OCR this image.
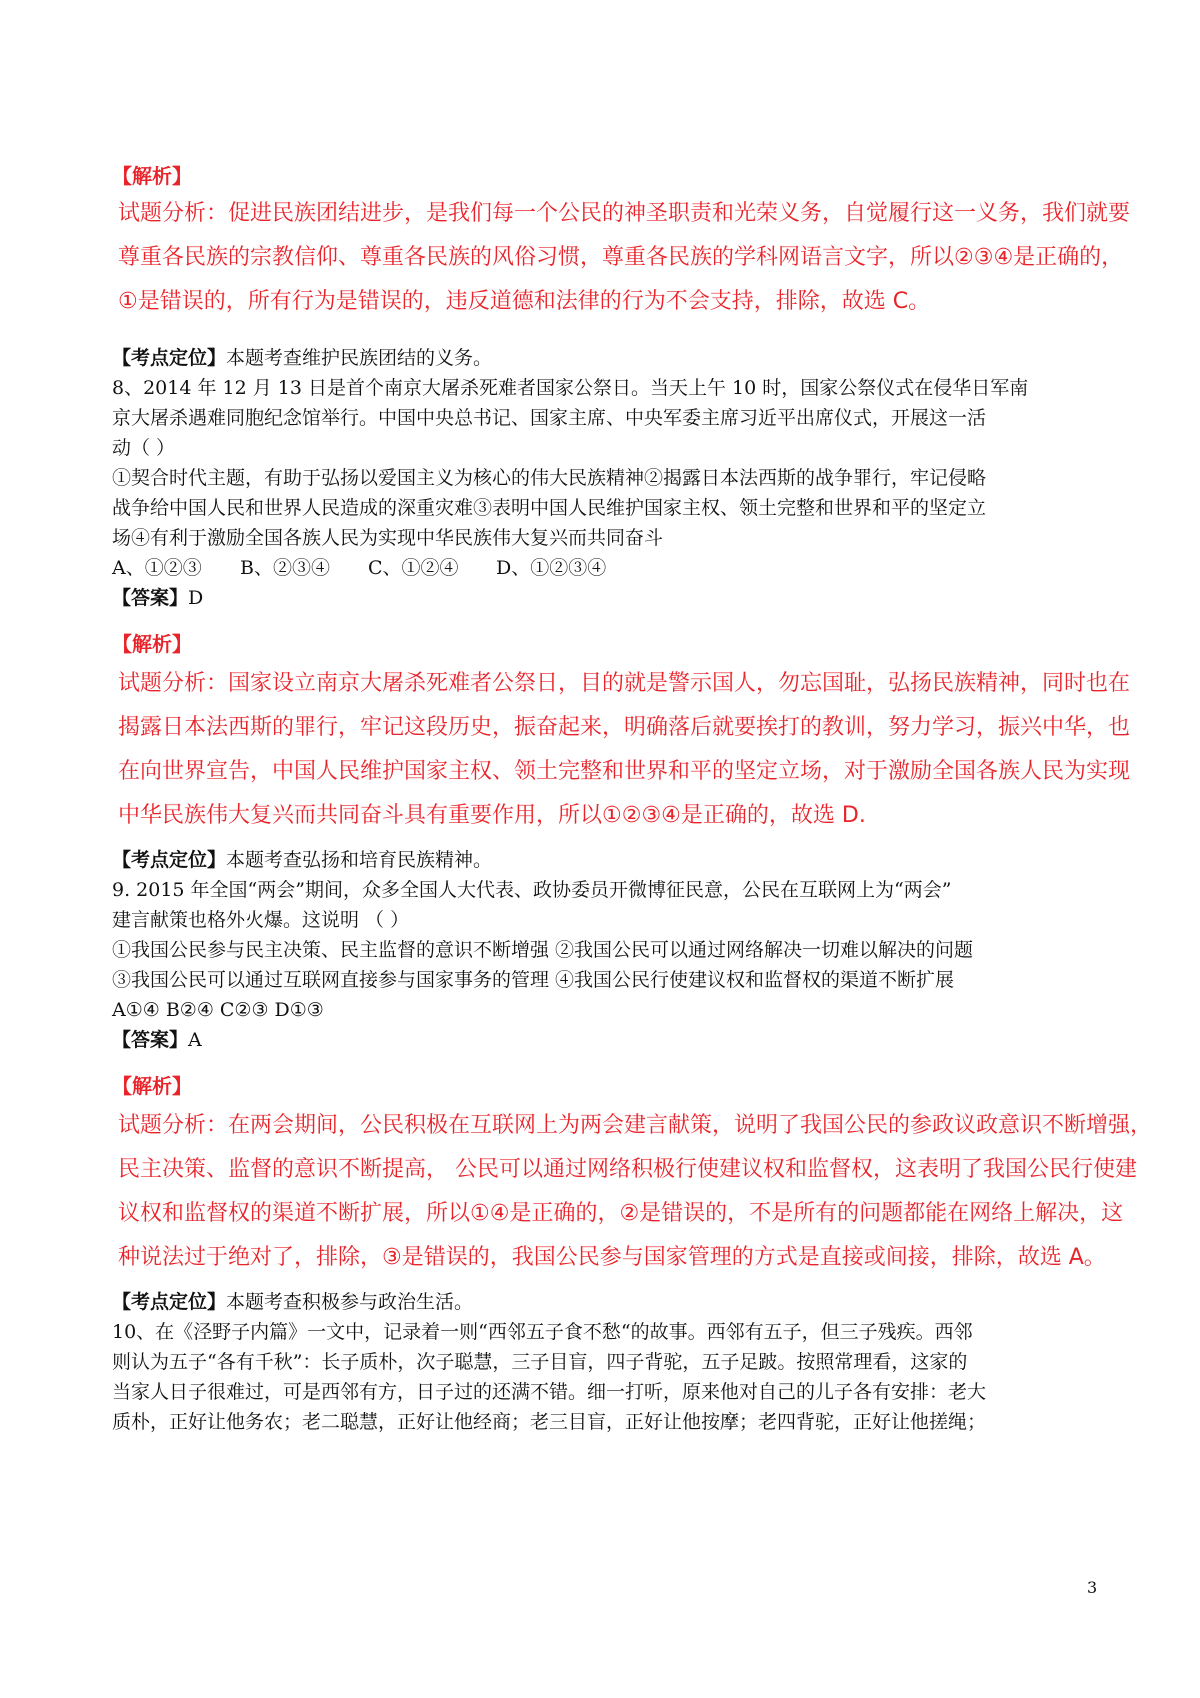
【解析】
试题分析：促进民族团结进步，是我们每一个公民的神圣职责和光荣义务，自觉履行这一义务，我们就要
尊重各民族的宗教信仰、尊重各民族的风俗习惯，尊重各民族的学科网语言文字，所以②③④是正确的，
①是错误的，所有行为是错误的，违反道德和法律的行为不会支持，排除，故选 C。
【考点定位】本题考查维护民族团结的义务。
8、2014 年 12 月 13 日是首个南京大屠杀死难者国家公祭日。当天上午 10 时，国家公祭仪式在侵华日军南
京大屠杀遇难同胞纪念馆举行。中国中央总书记、国家主席、中央军委主席习近平出席仪式，开展这一活
动（ ）
①契合时代主题，有助于弘扬以爱国主义为核心的伟大民族精神②揭露日本法西斯的战争罪行，牢记侵略
战争给中国人民和世界人民造成的深重灾难③表明中国人民维护国家主权、领土完整和世界和平的坚定立
场④有利于激励全国各族人民为实现中华民族伟大复兴而共同奋斗
A、①②③ B、②③④ C、①②④ D、①②③④
【答案】D
【解析】
试题分析：国家设立南京大屠杀死难者公祭日，目的就是警示国人，勿忘国耻，弘扬民族精神，同时也在
揭露日本法西斯的罪行，牢记这段历史，振奋起来，明确落后就要挨打的教训，努力学习，振兴中华，也
在向世界宣告，中国人民维护国家主权、领土完整和世界和平的坚定立场，对于激励全国各族人民为实现
中华民族伟大复兴而共同奋斗具有重要作用，所以①②③④是正确的，故选 D.
【考点定位】本题考查弘扬和培育民族精神。
9. 2015 年全国“两会”期间，众多全国人大代表、政协委员开微博征民意，公民在互联网上为“两会”
建言献策也格外火爆。这说明 （ ）
①我国公民参与民主决策、民主监督的意识不断增强 ②我国公民可以通过网络解决一切难以解决的问题
③我国公民可以通过互联网直接参与国家事务的管理 ④我国公民行使建议权和监督权的渠道不断扩展
A①④ B②④ C②③ D①③
【答案】A
【解析】
试题分析：在两会期间，公民积极在互联网上为两会建言献策，说明了我国公民的参政议政意识不断增强，
民主决策、监督的意识不断提高， 公民可以通过网络积极行使建议权和监督权，这表明了我国公民行使建
议权和监督权的渠道不断扩展，所以①④是正确的，②是错误的，不是所有的问题都能在网络上解决，这
种说法过于绝对了，排除，③是错误的，我国公民参与国家管理的方式是直接或间接，排除，故选 A。
【考点定位】本题考查积极参与政治生活。
10、在《泾野子内篇》一文中，记录着一则“西邻五子食不愁“的故事。西邻有五子，但三子残疾。西邻
则认为五子“各有千秋”：长子质朴，次子聪慧，三子目盲，四子背驼，五子足跛。按照常理看，这家的
当家人日子很难过，可是西邻有方，日子过的还满不错。细一打听，原来他对自己的儿子各有安排：老大
质朴，正好让他务农；老二聪慧，正好让他经商；老三目盲，正好让他按摩；老四背驼，正好让他搓绳；
3
